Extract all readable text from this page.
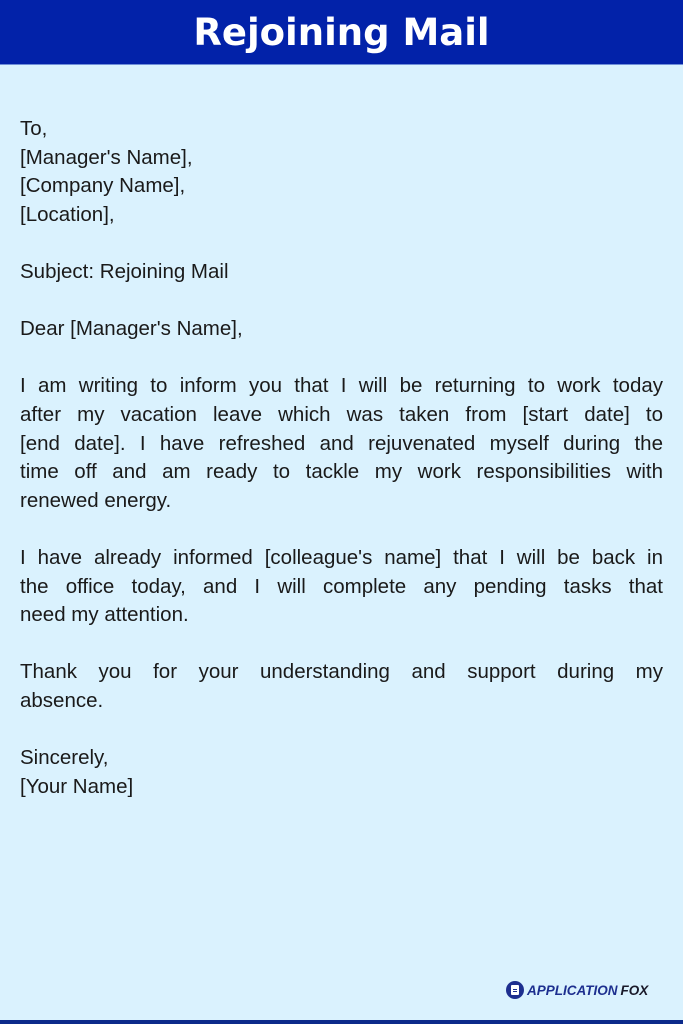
Rejoining Mail
To,
[Manager's Name],
[Company Name],
[Location],
Subject: Rejoining Mail
Dear [Manager's Name],
I am writing to inform you that I will be returning to work today
after my vacation leave which was taken from [start date] to
[end date]. I have refreshed and rejuvenated myself during the
time off and am ready to tackle my work responsibilities with
renewed energy.
I have already informed [colleague's name] that I will be back in
the office today, and I will complete any pending tasks that
need my attention.
Thank you for your understanding and support during my
absence.
Sincerely,
[Your Name]
APPLICATION FOX
